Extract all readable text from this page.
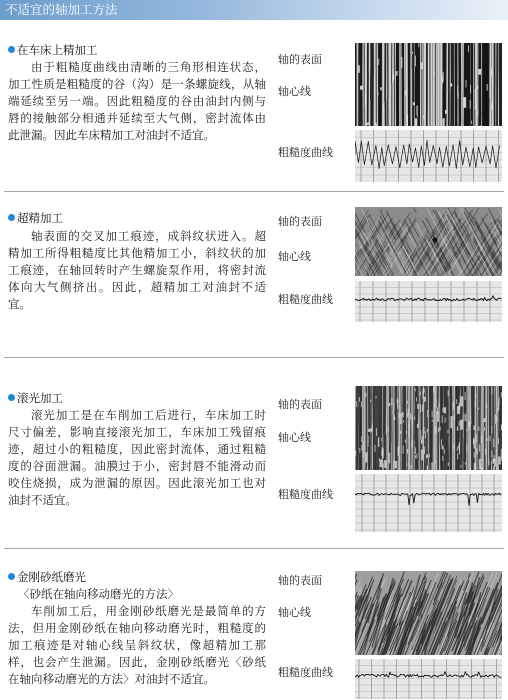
不适宜的轴加工方法
在车床上精加工
由于粗糙度曲线由清晰的三角形相连状态，
加工性质是粗糙度的谷（沟）是一条螺旋线，从轴
端延续至另一端。因此粗糙度的谷由油封内侧与
唇的接触部分相通并延续至大气侧，密封流体由
此泄漏。因此车床精加工对油封不适宜。
轴的表面
轴心线
粗糙度曲线
超精加工
轴表面的交叉加工痕迹，成斜纹状进入。超
精加工所得粗糙度比其他精加工小，斜纹状的加
工痕迹，在轴回转时产生螺旋泵作用，将密封流
体向大气侧挤出。因此，超精加工对油封不适
宜。
轴的表面
轴心线
粗糙度曲线
滚光加工
滚光加工是在车削加工后进行，车床加工时
尺寸偏差，影响直接滚光加工，车床加工残留痕
迹，超过小的粗糙度，因此密封流体，通过粗糙
度的谷面泄漏。油膜过于小，密封唇不能滑动而
咬住烧损，成为泄漏的原因。因此滚光加工也对
油封不适宜。
轴的表面
轴心线
粗糙度曲线
金刚砂纸磨光
〈砂纸在轴向移动磨光的方法〉
车削加工后，用金刚砂纸磨光是最简单的方
法，但用金刚砂纸在轴向移动磨光时，粗糙度的
加工痕迹是对轴心线呈斜纹状，像超精加工那
样，也会产生泄漏。因此，金刚砂纸磨光〈砂纸
在轴向移动磨光的方法〉对油封不适宜。
轴的表面
轴心线
粗糙度曲线
